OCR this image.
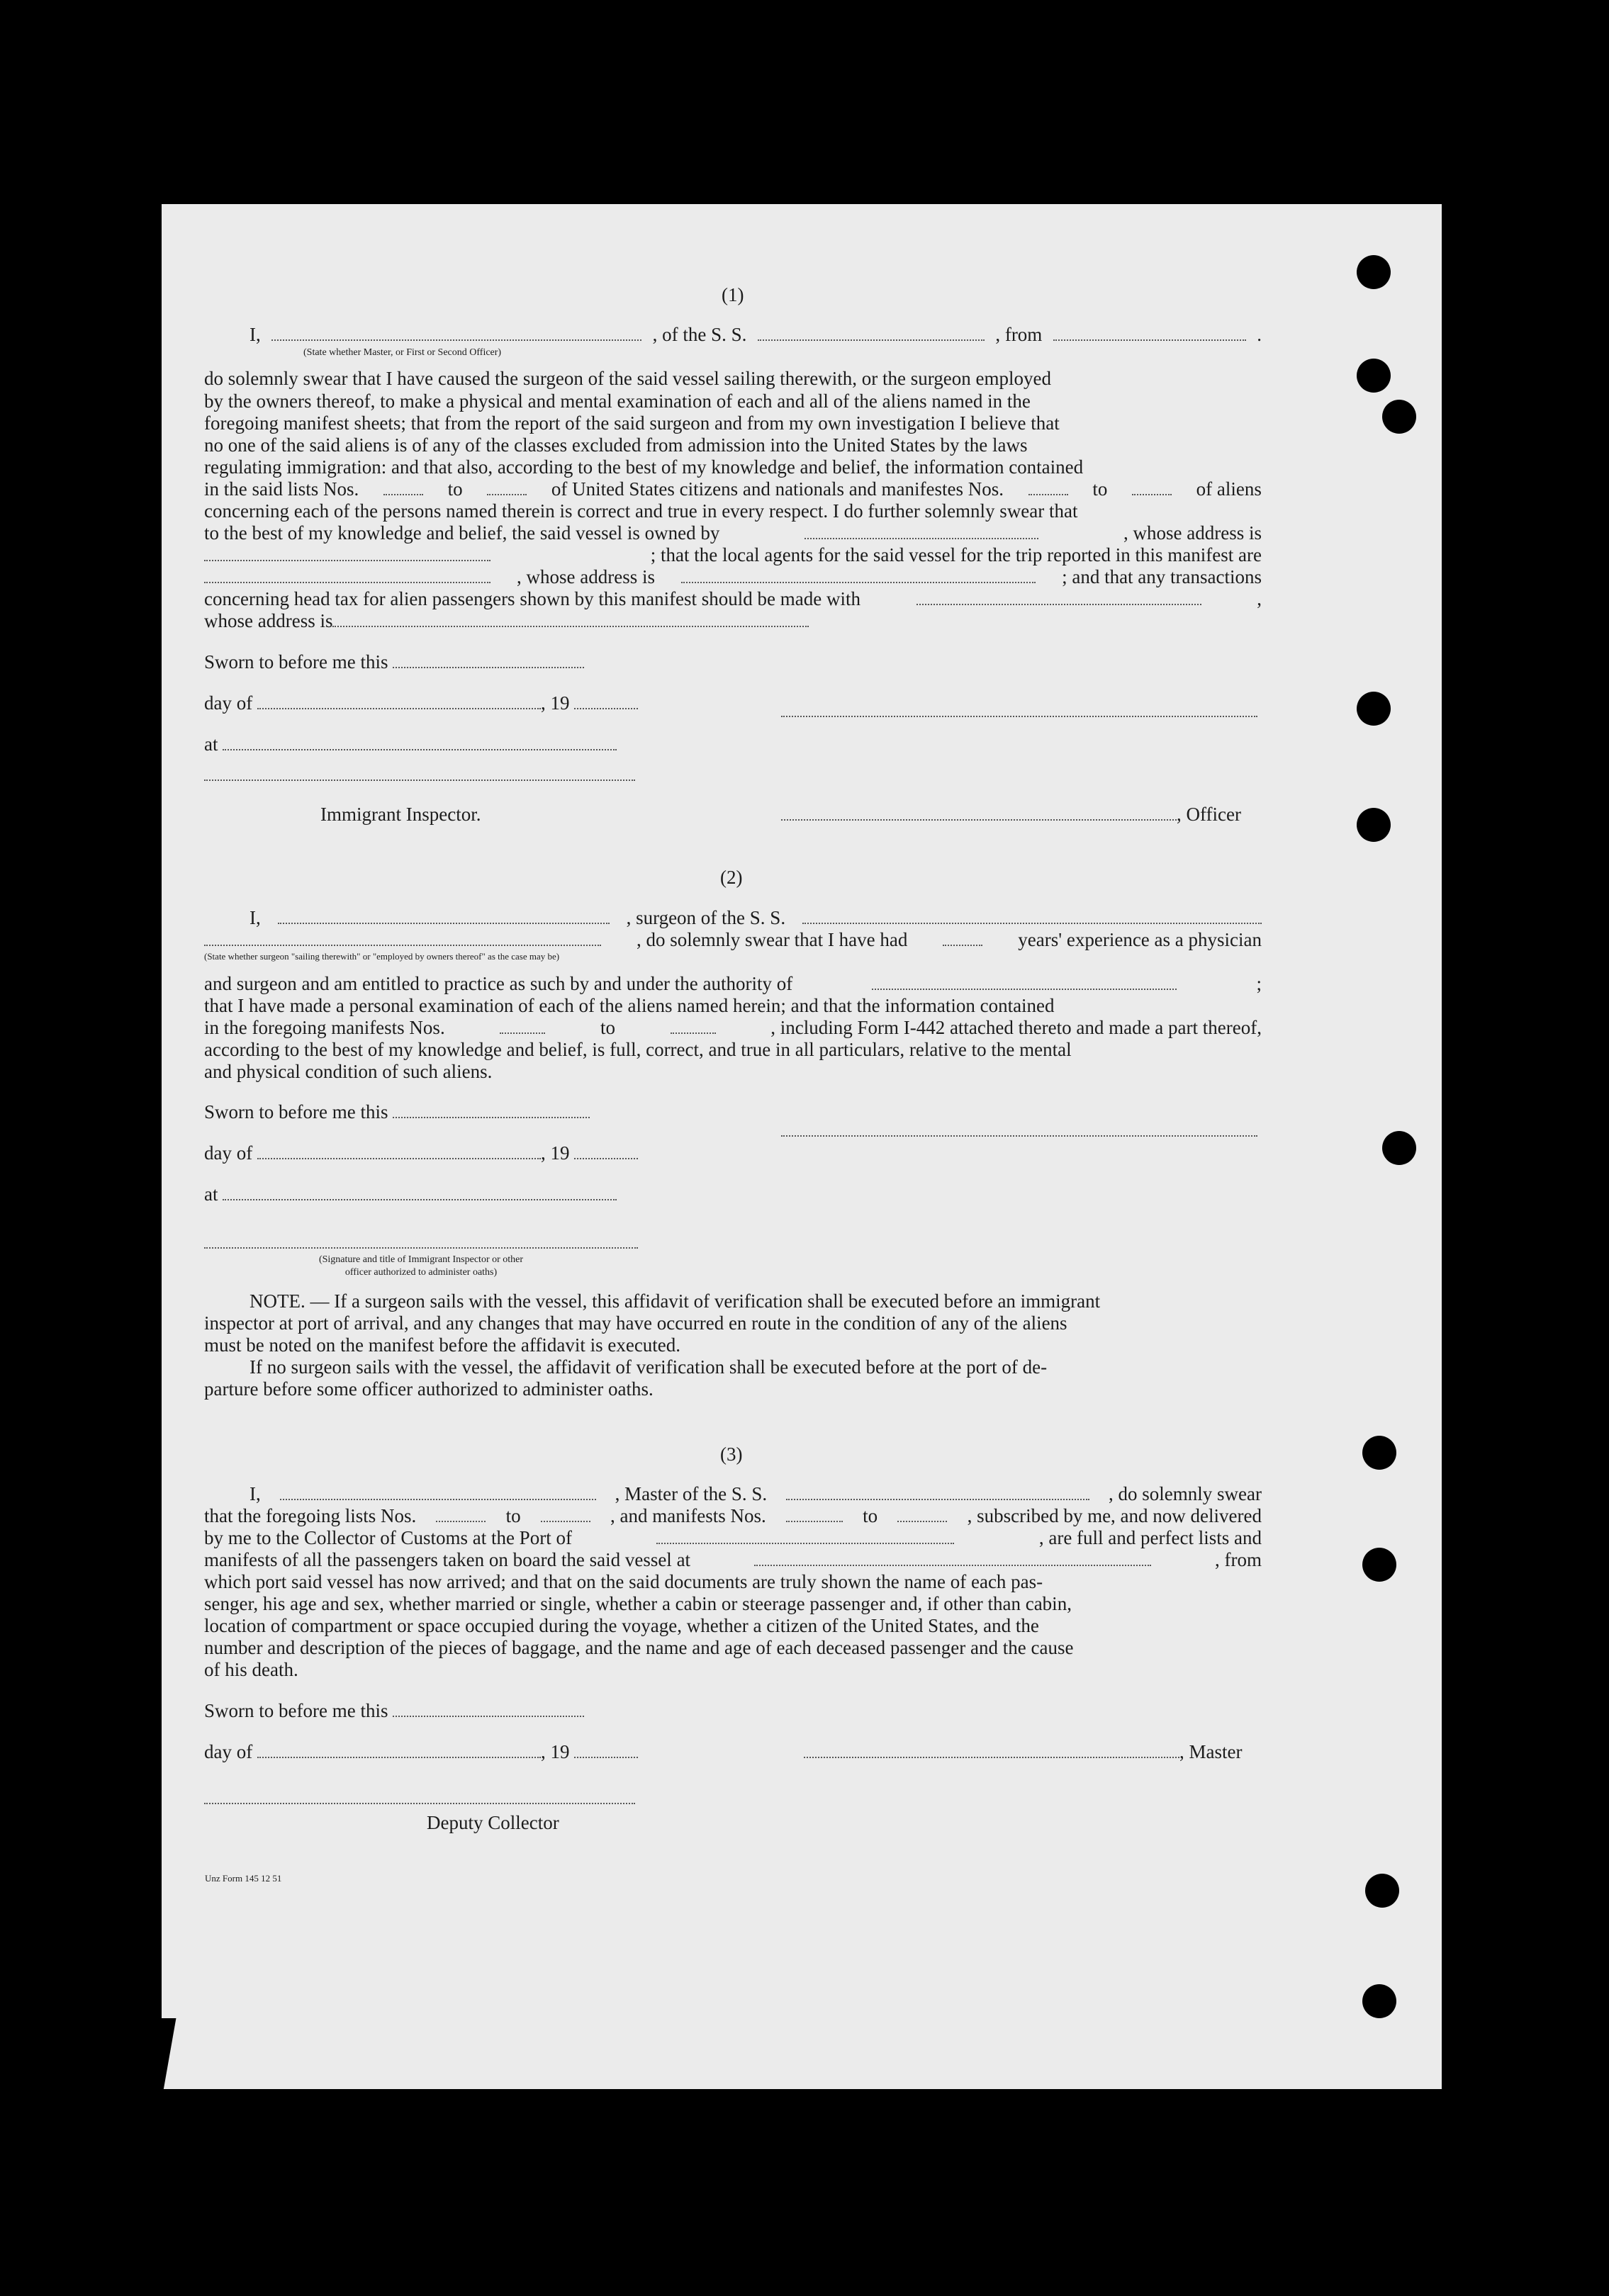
(1)
I,	, of the S. S.	, from	.
(State whether Master, or First or Second Officer)
do solemnly swear that I have caused the surgeon of the said vessel sailing therewith, or the surgeon employed
by the owners thereof, to make a physical and mental examination of each and all of the aliens named in the
foregoing manifest sheets; that from the report of the said surgeon and from my own investigation I believe that
no one of the said aliens is of any of the classes excluded from admission into the United States by the laws
regulating immigration: and that also, according to the best of my knowledge and belief, the information contained
in the said lists Nos.	to	of United States citizens and nationals and manifestes Nos.	to	of aliens
concerning each of the persons named therein is correct and true in every respect. I do further solemnly swear that
to the best of my knowledge and belief, the said vessel is owned by	, whose address is
; that the local agents for the said vessel for the trip reported in this manifest are
, whose address is	; and that any transactions
concerning head tax for alien passengers shown by this manifest should be made with	,
whose address is
Sworn to before me this
day of	, 19
at
Immigrant Inspector.	, Officer
(2)
I,	, surgeon of the S. S.
, do solemnly swear that I have had	years' experience as a physician
(State whether surgeon "sailing therewith" or "employed by owners thereof" as the case may be)
and surgeon and am entitled to practice as such by and under the authority of	;
that I have made a personal examination of each of the aliens named herein; and that the information contained
in the foregoing manifests Nos.	to	, including Form I-442 attached thereto and made a part thereof,
according to the best of my knowledge and belief, is full, correct, and true in all particulars, relative to the mental
and physical condition of such aliens.
Sworn to before me this
day of	, 19
at
(Signature and title of Immigrant Inspector or other
officer authorized to administer oaths)
NOTE. — If a surgeon sails with the vessel, this affidavit of verification shall be executed before an immigrant
inspector at port of arrival, and any changes that may have occurred en route in the condition of any of the aliens
must be noted on the manifest before the affidavit is executed.
If no surgeon sails with the vessel, the affidavit of verification shall be executed before at the port of de-
parture before some officer authorized to administer oaths.
(3)
I,	, Master of the S. S.	, do solemnly swear
that the foregoing lists Nos.	to	, and manifests Nos.	to	, subscribed by me, and now delivered
by me to the Collector of Customs at the Port of	, are full and perfect lists and
manifests of all the passengers taken on board the said vessel at	, from
which port said vessel has now arrived; and that on the said documents are truly shown the name of each pas-
senger, his age and sex, whether married or single, whether a cabin or steerage passenger and, if other than cabin,
location of compartment or space occupied during the voyage, whether a citizen of the United States, and the
number and description of the pieces of baggage, and the name and age of each deceased passenger and the cause
of his death.
Sworn to before me this
day of	, 19	, Master
Deputy Collector
Unz Form 145 12 51
